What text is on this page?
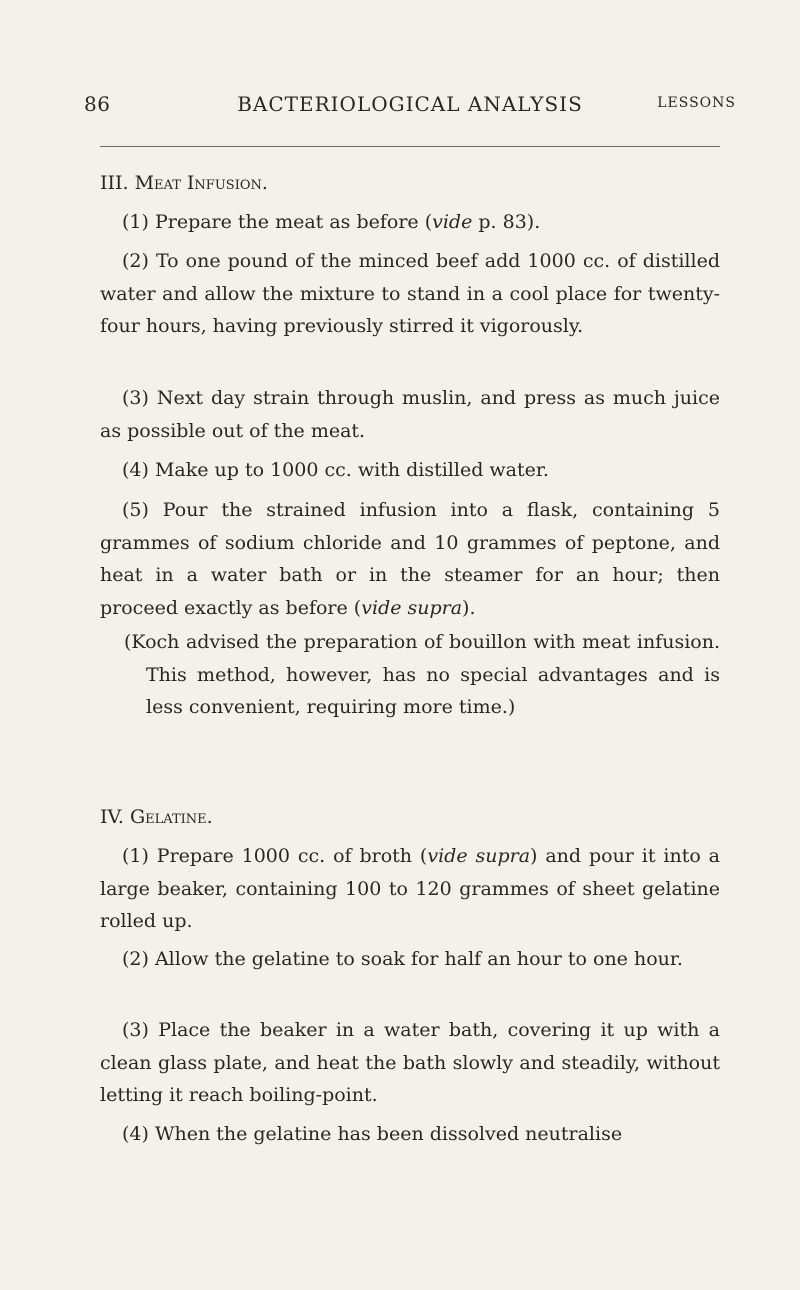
86	BACTERIOLOGICAL ANALYSIS	LESSONS

III. Meat Infusion.

(1) Prepare the meat as before (vide p. 83).

(2) To one pound of the minced beef add 1000 cc. of distilled water and allow the mixture to stand in a cool place for twenty-four hours, having previously stirred it vigorously.

(3) Next day strain through muslin, and press as much juice as possible out of the meat.

(4) Make up to 1000 cc. with distilled water.

(5) Pour the strained infusion into a flask, containing 5 grammes of sodium chloride and 10 grammes of peptone, and heat in a water bath or in the steamer for an hour; then proceed exactly as before (vide supra).

(Koch advised the preparation of bouillon with meat infusion. This method, however, has no special advantages and is less convenient, requiring more time.)

IV. Gelatine.

(1) Prepare 1000 cc. of broth (vide supra) and pour it into a large beaker, containing 100 to 120 grammes of sheet gelatine rolled up.

(2) Allow the gelatine to soak for half an hour to one hour.

(3) Place the beaker in a water bath, covering it up with a clean glass plate, and heat the bath slowly and steadily, without letting it reach boiling-point.

(4) When the gelatine has been dissolved neutralise
